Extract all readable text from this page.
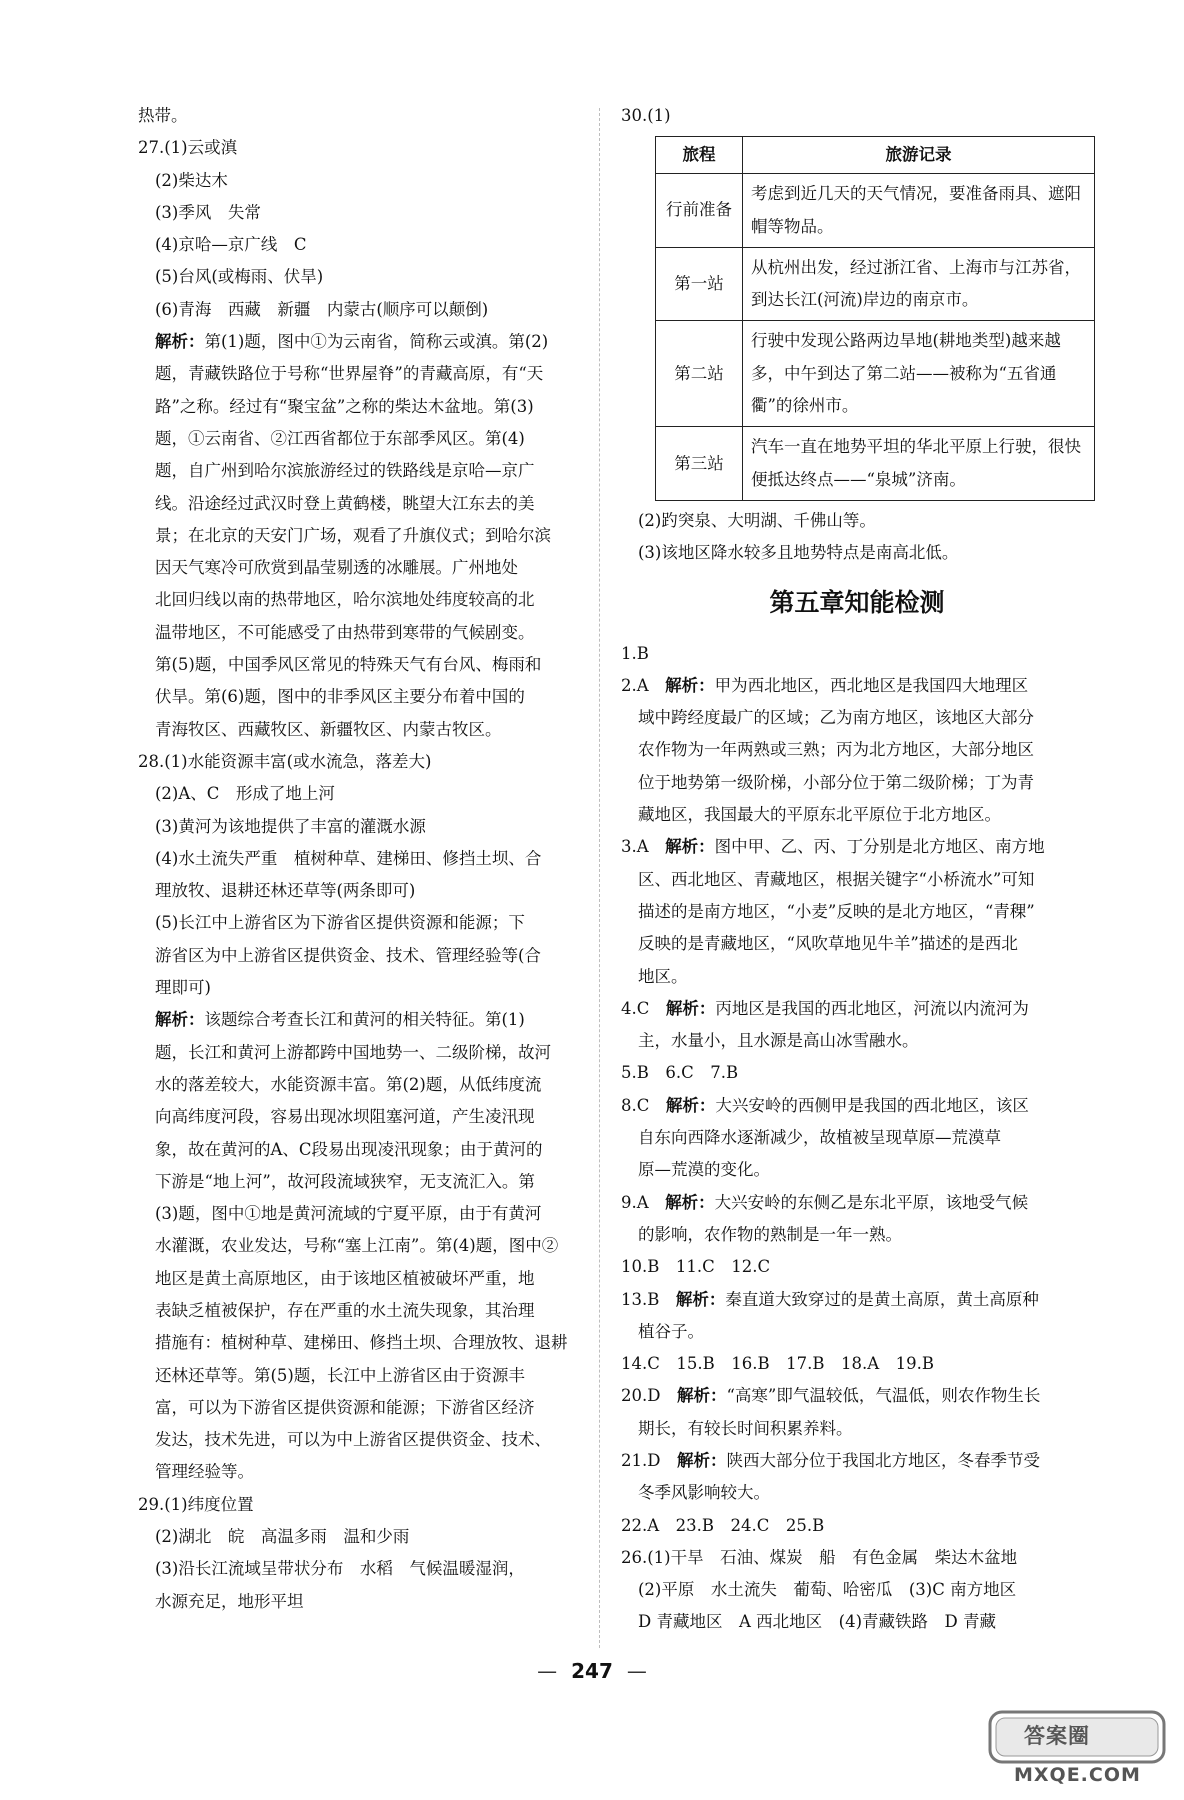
热带。
27.(1)云或滇
(2)柴达木
(3)季风　失常
(4)京哈—京广线　C
(5)台风(或梅雨、伏旱)
(6)青海　西藏　新疆　内蒙古(顺序可以颠倒)
解析：第(1)题，图中①为云南省，简称云或滇。第(2)
题，青藏铁路位于号称“世界屋脊”的青藏高原，有“天
路”之称。经过有“聚宝盆”之称的柴达木盆地。第(3)
题，①云南省、②江西省都位于东部季风区。第(4)
题，自广州到哈尔滨旅游经过的铁路线是京哈—京广
线。沿途经过武汉时登上黄鹤楼，眺望大江东去的美
景；在北京的天安门广场，观看了升旗仪式；到哈尔滨
因天气寒冷可欣赏到晶莹剔透的冰雕展。广州地处
北回归线以南的热带地区，哈尔滨地处纬度较高的北
温带地区，不可能感受了由热带到寒带的气候剧变。
第(5)题，中国季风区常见的特殊天气有台风、梅雨和
伏旱。第(6)题，图中的非季风区主要分布着中国的
青海牧区、西藏牧区、新疆牧区、内蒙古牧区。
28.(1)水能资源丰富(或水流急，落差大)
(2)A、C　形成了地上河
(3)黄河为该地提供了丰富的灌溉水源
(4)水土流失严重　植树种草、建梯田、修挡土坝、合
理放牧、退耕还林还草等(两条即可)
(5)长江中上游省区为下游省区提供资源和能源；下
游省区为中上游省区提供资金、技术、管理经验等(合
理即可)
解析：该题综合考查长江和黄河的相关特征。第(1)
题，长江和黄河上游都跨中国地势一、二级阶梯，故河
水的落差较大，水能资源丰富。第(2)题，从低纬度流
向高纬度河段，容易出现冰坝阻塞河道，产生凌汛现
象，故在黄河的A、C段易出现凌汛现象；由于黄河的
下游是“地上河”，故河段流域狭窄，无支流汇入。第
(3)题，图中①地是黄河流域的宁夏平原，由于有黄河
水灌溉，农业发达，号称“塞上江南”。第(4)题，图中②
地区是黄土高原地区，由于该地区植被破坏严重，地
表缺乏植被保护，存在严重的水土流失现象，其治理
措施有：植树种草、建梯田、修挡土坝、合理放牧、退耕
还林还草等。第(5)题，长江中上游省区由于资源丰
富，可以为下游省区提供资源和能源；下游省区经济
发达，技术先进，可以为中上游省区提供资金、技术、
管理经验等。
29.(1)纬度位置
(2)湖北　皖　高温多雨　温和少雨
(3)沿长江流域呈带状分布　水稻　气候温暖湿润，
水源充足，地形平坦
30.(1)
旅程	旅游记录
行前准备	考虑到近几天的天气情况，要准备雨具、遮阳帽等物品。
第一站	从杭州出发，经过浙江省、上海市与江苏省，到达长江(河流)岸边的南京市。
第二站	行驶中发现公路两边旱地(耕地类型)越来越多，中午到达了第二站——被称为“五省通衢”的徐州市。
第三站	汽车一直在地势平坦的华北平原上行驶，很快便抵达终点——“泉城”济南。
(2)趵突泉、大明湖、千佛山等。
(3)该地区降水较多且地势特点是南高北低。
第五章知能检测
1.B
2.A　解析：甲为西北地区，西北地区是我国四大地理区
域中跨经度最广的区域；乙为南方地区，该地区大部分
农作物为一年两熟或三熟；丙为北方地区，大部分地区
位于地势第一级阶梯，小部分位于第二级阶梯；丁为青
藏地区，我国最大的平原东北平原位于北方地区。
3.A　解析：图中甲、乙、丙、丁分别是北方地区、南方地
区、西北地区、青藏地区，根据关键字“小桥流水”可知
描述的是南方地区，“小麦”反映的是北方地区，“青稞”
反映的是青藏地区，“风吹草地见牛羊”描述的是西北
地区。
4.C　解析：丙地区是我国的西北地区，河流以内流河为
主，水量小，且水源是高山冰雪融水。
5.B　6.C　7.B
8.C　解析：大兴安岭的西侧甲是我国的西北地区，该区
自东向西降水逐渐减少，故植被呈现草原—荒漠草
原—荒漠的变化。
9.A　解析：大兴安岭的东侧乙是东北平原，该地受气候
的影响，农作物的熟制是一年一熟。
10.B　11.C　12.C
13.B　解析：秦直道大致穿过的是黄土高原，黄土高原种
植谷子。
14.C　15.B　16.B　17.B　18.A　19.B
20.D　解析：“高寒”即气温较低，气温低，则农作物生长
期长，有较长时间积累养料。
21.D　解析：陕西大部分位于我国北方地区，冬春季节受
冬季风影响较大。
22.A　23.B　24.C　25.B
26.(1)干旱　石油、煤炭　船　有色金属　柴达木盆地
(2)平原　水土流失　葡萄、哈密瓜　(3)C 南方地区
D 青藏地区　A 西北地区　(4)青藏铁路　D 青藏
— 247 —
答案圈
MXQE.COM
